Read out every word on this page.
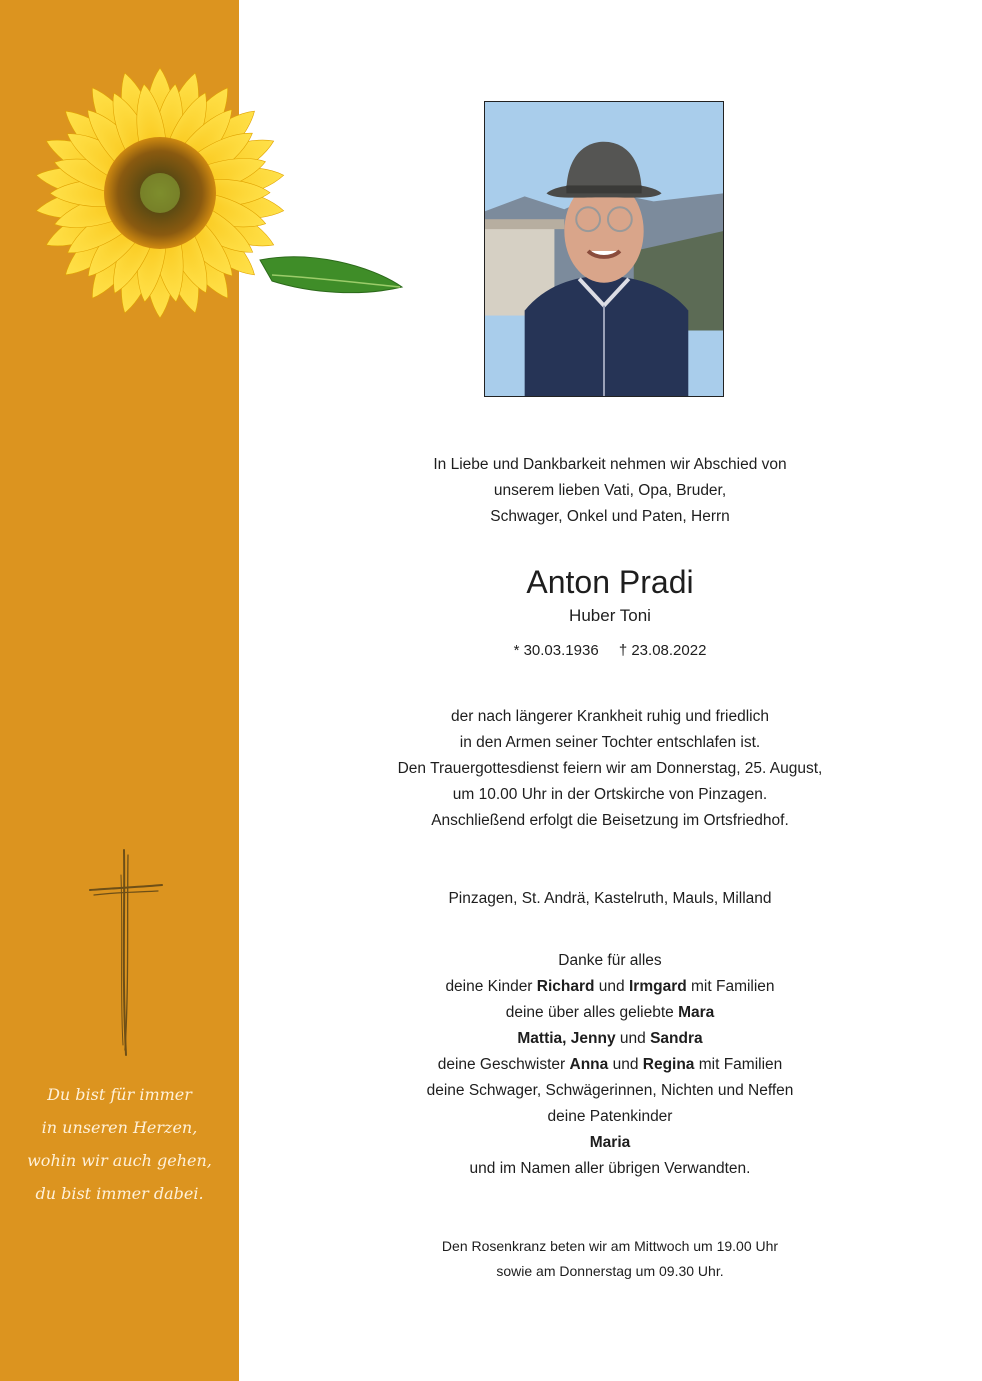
Du bist für immer
in unseren Herzen,
wohin wir auch gehen,
du bist immer dabei.
In Liebe und Dankbarkeit nehmen wir Abschied von
unserem lieben Vati, Opa, Bruder,
Schwager, Onkel und Paten, Herrn
Anton Pradi
Huber Toni
* 30.03.1936 † 23.08.2022
der nach längerer Krankheit ruhig und friedlich
in den Armen seiner Tochter entschlafen ist.
Den Trauergottesdienst feiern wir am Donnerstag, 25. August,
um 10.00 Uhr in der Ortskirche von Pinzagen.
Anschließend erfolgt die Beisetzung im Ortsfriedhof.
Pinzagen, St. Andrä, Kastelruth, Mauls, Milland
Danke für alles
deine Kinder Richard und Irmgard mit Familien
deine über alles geliebte Mara
Mattia, Jenny und Sandra
deine Geschwister Anna und Regina mit Familien
deine Schwager, Schwägerinnen, Nichten und Neffen
deine Patenkinder
Maria
und im Namen aller übrigen Verwandten.
Den Rosenkranz beten wir am Mittwoch um 19.00 Uhr
sowie am Donnerstag um 09.30 Uhr.
